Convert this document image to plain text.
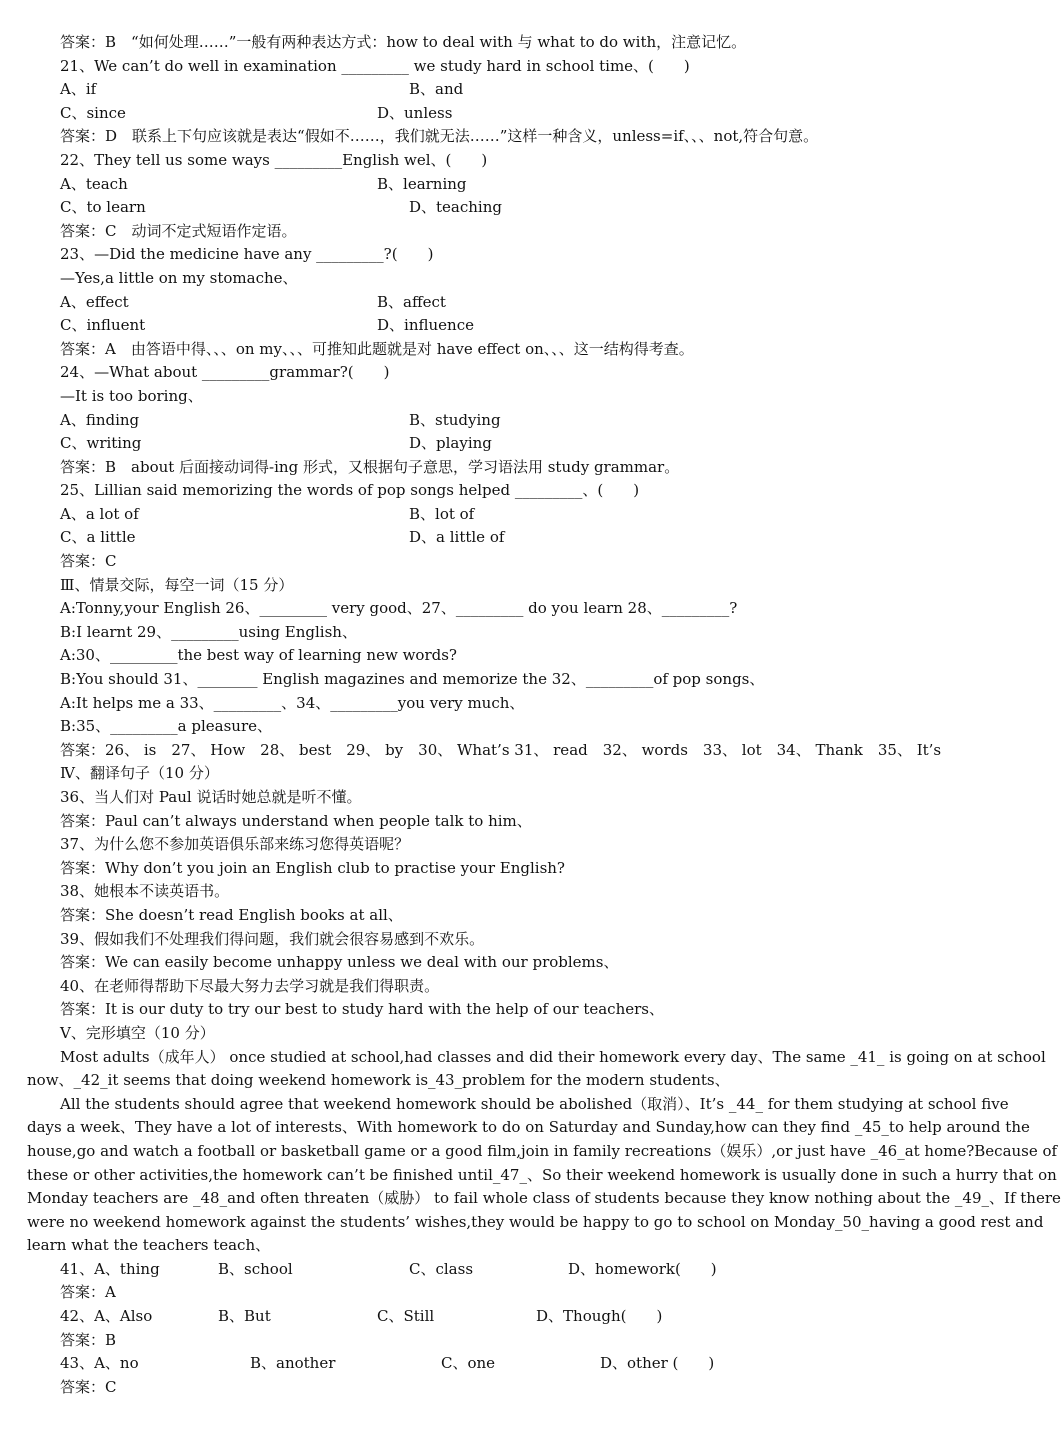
答案：B　“如何处理……”一般有两种表达方式：how to deal with 与 what to do with，注意记忆。
21、We can’t do well in examination _________ we study hard in school time、(　　)
A、if	B、and
C、since	D、unless
答案：D　联系上下句应该就是表达“假如不……，我们就无法……”这样一种含义，unless=if、、、not,符合句意。
22、They tell us some ways _________English wel、(　　)
A、teach	B、learning
C、to learn	D、teaching
答案：C　动词不定式短语作定语。
23、—Did the medicine have any _________?(　　)
—Yes,a little on my stomache、
A、effect	B、affect
C、influent	D、influence
答案：A　由答语中得、、、on my、、、可推知此题就是对 have effect on、、、这一结构得考查。
24、—What about _________grammar?(　　)
—It is too boring、
A、finding	B、studying
C、writing	D、playing
答案：B　about 后面接动词得-ing 形式，又根据句子意思，学习语法用 study grammar。
25、Lillian said memorizing the words of pop songs helped _________、(　　)
A、a lot of	B、lot of
C、a little	D、a little of
答案：C
Ⅲ、情景交际，每空一词（15 分）
A:Tonny,your English 26、_________ very good、27、_________ do you learn 28、_________?
B:I learnt 29、_________using English、
A:30、_________the best way of learning new words?
B:You should 31、________ English magazines and memorize the 32、_________of pop songs、
A:It helps me a 33、_________、34、_________you very much、
B:35、_________a pleasure、
答案：26、 is　27、 How　28、 best　29、 by　30、 What’s 31、 read　32、 words　33、 lot　34、 Thank　35、 It’s
Ⅳ、翻译句子（10 分）
36、当人们对 Paul 说话时她总就是听不懂。
答案：Paul can’t always understand when people talk to him、
37、为什么您不参加英语俱乐部来练习您得英语呢？
答案：Why don’t you join an English club to practise your English?
38、她根本不读英语书。
答案：She doesn’t read English books at all、
39、假如我们不处理我们得问题，我们就会很容易感到不欢乐。
答案：We can easily become unhappy unless we deal with our problems、
40、在老师得帮助下尽最大努力去学习就是我们得职责。
答案：It is our duty to try our best to study hard with the help of our teachers、
Ⅴ、完形填空（10 分）
Most adults（成年人） once studied at school,had classes and did their homework every day、The same _41_ is going on at school
now、_42_it seems that doing weekend homework is_43_problem for the modern students、
All the students should agree that weekend homework should be abolished（取消）、It’s _44_ for them studying at school five
days a week、They have a lot of interests、With homework to do on Saturday and Sunday,how can they find _45_to help around the
house,go and watch a football or basketball game or a good film,join in family recreations（娱乐）,or just have _46_at home?Because of
these or other activities,the homework can’t be finished until_47_、So their weekend homework is usually done in such a hurry that on
Monday teachers are _48_and often threaten（威胁） to fail whole class of students because they know nothing about the _49_、If there
were no weekend homework against the students’ wishes,they would be happy to go to school on Monday_50_having a good rest and
learn what the teachers teach、
41、A、thing	B、school	C、class	D、homework(　　)
答案：A
42、A、Also	B、But	C、Still	D、Though(　　)
答案：B
43、A、no	B、another	C、one	D、other (　　)
答案：C
